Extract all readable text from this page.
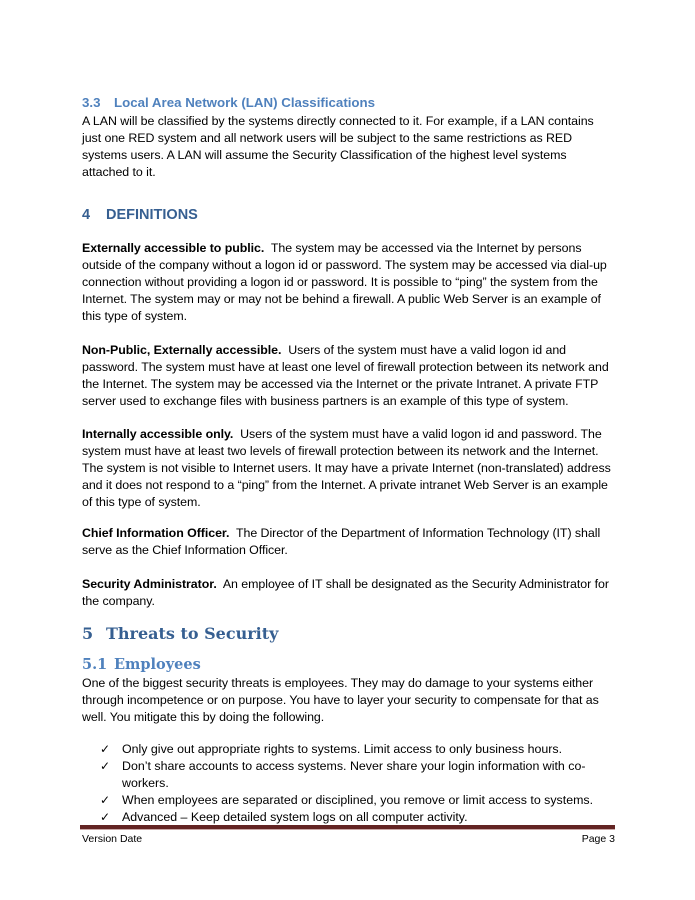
3.3 Local Area Network (LAN) Classifications

A LAN will be classified by the systems directly connected to it. For example, if a LAN contains just one RED system and all network users will be subject to the same restrictions as RED systems users. A LAN will assume the Security Classification of the highest level systems attached to it.

4 DEFINITIONS

Externally accessible to public. The system may be accessed via the Internet by persons outside of the company without a logon id or password. The system may be accessed via dial-up connection without providing a logon id or password. It is possible to “ping” the system from the Internet. The system may or may not be behind a firewall. A public Web Server is an example of this type of system.

Non-Public, Externally accessible. Users of the system must have a valid logon id and password. The system must have at least one level of firewall protection between its network and the Internet. The system may be accessed via the Internet or the private Intranet. A private FTP server used to exchange files with business partners is an example of this type of system.

Internally accessible only. Users of the system must have a valid logon id and password. The system must have at least two levels of firewall protection between its network and the Internet. The system is not visible to Internet users. It may have a private Internet (non-translated) address and it does not respond to a “ping” from the Internet. A private intranet Web Server is an example of this type of system.

Chief Information Officer. The Director of the Department of Information Technology (IT) shall serve as the Chief Information Officer.

Security Administrator. An employee of IT shall be designated as the Security Administrator for the company.

5 Threats to Security
5.1 Employees

One of the biggest security threats is employees. They may do damage to your systems either through incompetence or on purpose. You have to layer your security to compensate for that as well. You mitigate this by doing the following.

✓ Only give out appropriate rights to systems. Limit access to only business hours.
✓ Don’t share accounts to access systems. Never share your login information with co-workers.
✓ When employees are separated or disciplined, you remove or limit access to systems.
✓ Advanced – Keep detailed system logs on all computer activity.
Version Date	Page 3
